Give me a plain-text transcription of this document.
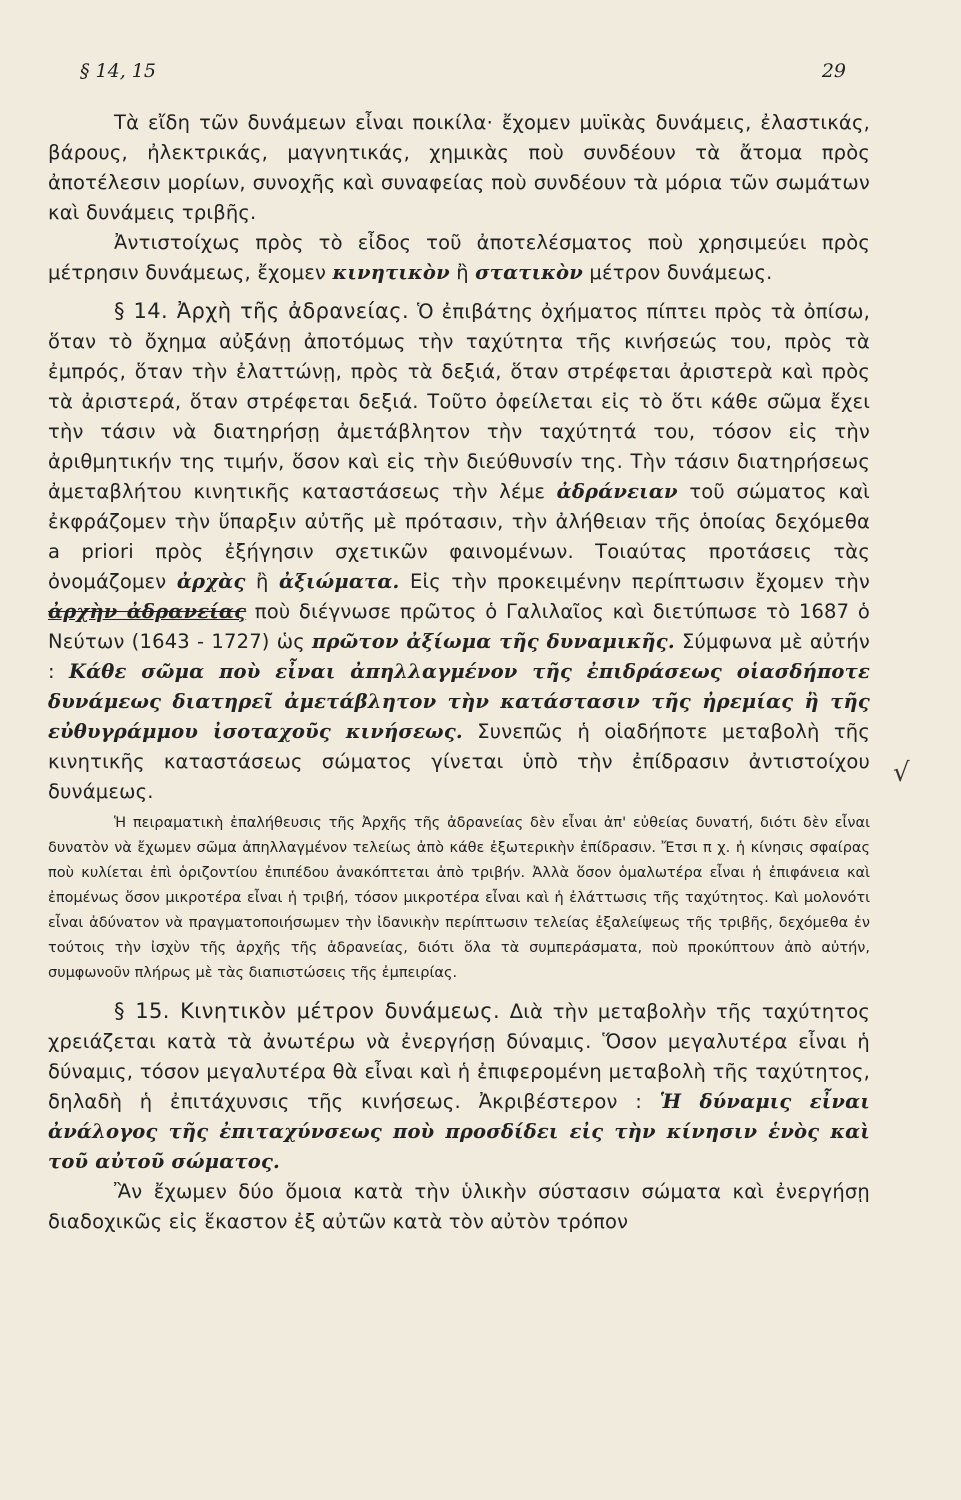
§ 14, 15	29

Τὰ εἴδη τῶν δυνάμεων εἶναι ποικίλα· ἔχομεν μυϊκὰς δυνάμεις, ἐλαστικάς, βάρους, ἠλεκτρικάς, μαγνητικάς, χημικὰς ποὺ συνδέουν τὰ ἄτομα πρὸς ἀποτέλεσιν μορίων, συνοχῆς καὶ συναφείας ποὺ συνδέουν τὰ μόρια τῶν σωμάτων καὶ δυνάμεις τριβῆς.

Ἀντιστοίχως πρὸς τὸ εἶδος τοῦ ἀποτελέσματος ποὺ χρησιμεύει πρὸς μέτρησιν δυνάμεως, ἔχομεν κινητικὸν ἢ στατικὸν μέτρον δυνάμεως.

§ 14. Ἀρχὴ τῆς ἀδρανείας. Ὁ ἐπιβάτης ὀχήματος πίπτει πρὸς τὰ ὀπίσω, ὅταν τὸ ὄχημα αὐξάνῃ ἀποτόμως τὴν ταχύτητα τῆς κινήσεώς του, πρὸς τὰ ἐμπρός, ὅταν τὴν ἐλαττώνῃ, πρὸς τὰ δεξιά, ὅταν στρέφεται ἀριστερὰ καὶ πρὸς τὰ ἀριστερά, ὅταν στρέφεται δεξιά. Τοῦτο ὀφείλεται εἰς τὸ ὅτι κάθε σῶμα ἔχει τὴν τάσιν νὰ διατηρήσῃ ἀμετάβλητον τὴν ταχύτητά του, τόσον εἰς τὴν ἀριθμητικήν της τιμήν, ὅσον καὶ εἰς τὴν διεύθυνσίν της. Τὴν τάσιν διατηρήσεως ἀμεταβλήτου κινητικῆς καταστάσεως τὴν λέμε ἀδράνειαν τοῦ σώματος καὶ ἐκφράζομεν τὴν ὕπαρξιν αὐτῆς μὲ πρότασιν, τὴν ἀλήθειαν τῆς ὁποίας δεχόμεθα a priori πρὸς ἐξήγησιν σχετικῶν φαινομένων. Τοιαύτας προτάσεις τὰς ὀνομάζομεν ἀρχὰς ἢ ἀξιώματα. Εἰς τὴν προκειμένην περίπτωσιν ἔχομεν τὴν ἀρχὴν ἀδρανείας ποὺ διέγνωσε πρῶτος ὁ Γαλιλαῖος καὶ διετύπωσε τὸ 1687 ὁ Νεύτων (1643 - 1727) ὡς πρῶτον ἀξίωμα τῆς δυναμικῆς. Σύμφωνα μὲ αὐτήν : Κάθε σῶμα ποὺ εἶναι ἀπηλλαγμένον τῆς ἐπιδράσεως οἱασδήποτε δυνάμεως διατηρεῖ ἀμετάβλητον τὴν κατάστασιν τῆς ἠρεμίας ἢ τῆς εὐθυγράμμου ἰσοταχοῦς κινήσεως. Συνεπῶς ἡ οἱαδήποτε μεταβολὴ τῆς κινητικῆς καταστάσεως σώματος γίνεται ὑπὸ τὴν ἐπίδρασιν ἀντιστοίχου δυνάμεως.

Ἡ πειραματικὴ ἐπαλήθευσις τῆς Ἀρχῆς τῆς ἀδρανείας δὲν εἶναι ἀπ' εὐθείας δυνατή, διότι δὲν εἶναι δυνατὸν νὰ ἔχωμεν σῶμα ἀπηλλαγμένον τελείως ἀπὸ κάθε ἐξωτερικὴν ἐπίδρασιν. Ἔτσι π χ. ἡ κίνησις σφαίρας ποὺ κυλίεται ἐπὶ ὁριζοντίου ἐπιπέδου ἀνακόπτεται ἀπὸ τριβήν. Ἀλλὰ ὅσον ὁμαλωτέρα εἶναι ἡ ἐπιφάνεια καὶ ἐπομένως ὅσον μικροτέρα εἶναι ἡ τριβή, τόσον μικροτέρα εἶναι καὶ ἡ ἐλάττωσις τῆς ταχύτητος. Καὶ μολονότι εἶναι ἀδύνατον νὰ πραγματοποιήσωμεν τὴν ἰδανικὴν περίπτωσιν τελείας ἐξαλείψεως τῆς τριβῆς, δεχόμεθα ἐν τούτοις τὴν ἰσχὺν τῆς ἀρχῆς τῆς ἀδρανείας, διότι ὅλα τὰ συμπεράσματα, ποὺ προκύπτουν ἀπὸ αὐτήν, συμφωνοῦν πλήρως μὲ τὰς διαπιστώσεις τῆς ἐμπειρίας.

§ 15. Κινητικὸν μέτρον δυνάμεως. Διὰ τὴν μεταβολὴν τῆς ταχύτητος χρειάζεται κατὰ τὰ ἀνωτέρω νὰ ἐνεργήσῃ δύναμις. Ὅσον μεγαλυτέρα εἶναι ἡ δύναμις, τόσον μεγαλυτέρα θὰ εἶναι καὶ ἡ ἐπιφερομένη μεταβολὴ τῆς ταχύτητος, δηλαδὴ ἡ ἐπιτάχυνσις τῆς κινήσεως. Ἀκριβέστερον : Ἡ δύναμις εἶναι ἀνάλογος τῆς ἐπιταχύνσεως ποὺ προσδίδει εἰς τὴν κίνησιν ἑνὸς καὶ τοῦ αὐτοῦ σώματος.

Ἂν ἔχωμεν δύο ὅμοια κατὰ τὴν ὑλικὴν σύστασιν σώματα καὶ ἐνεργήσῃ διαδοχικῶς εἰς ἕκαστον ἐξ αὐτῶν κατὰ τὸν αὐτὸν τρόπον

√
